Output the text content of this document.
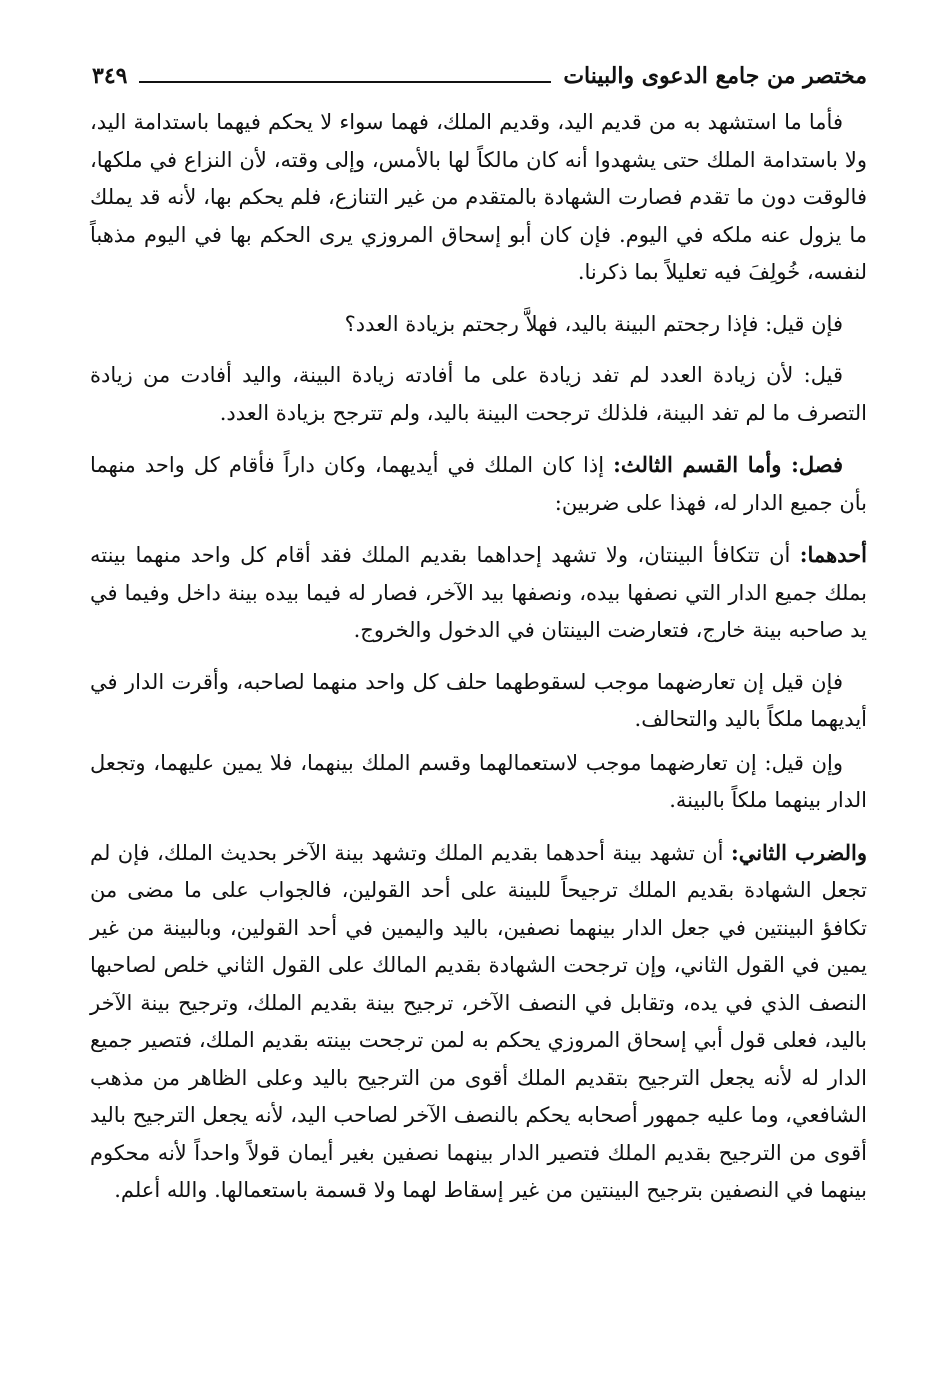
مختصر من جامع الدعوى والبينات
٣٤٩

فأما ما استشهد به من قديم اليد، وقديم الملك، فهما سواء لا يحكم فيهما باستدامة اليد، ولا باستدامة الملك حتى يشهدوا أنه كان مالكاً لها بالأمس، وإلى وقته، لأن النزاع في ملكها، فالوقت دون ما تقدم فصارت الشهادة بالمتقدم من غير التنازع، فلم يحكم بها، لأنه قد يملك ما يزول عنه ملكه في اليوم. فإن كان أبو إسحاق المروزي يرى الحكم بها في اليوم مذهباً لنفسه، خُولِفَ فيه تعليلاً بما ذكرنا.

فإن قيل: فإذا رجحتم البينة باليد، فهلاَّ رجحتم بزيادة العدد؟

قيل: لأن زيادة العدد لم تفد زيادة على ما أفادته زيادة البينة، واليد أفادت من زيادة التصرف ما لم تفد البينة، فلذلك ترجحت البينة باليد، ولم تترجح بزيادة العدد.

فصل: وأما القسم الثالث: إذا كان الملك في أيديهما، وكان داراً فأقام كل واحد منهما بأن جميع الدار له، فهذا على ضربين:

أحدهما: أن تتكافأ البينتان، ولا تشهد إحداهما بقديم الملك فقد أقام كل واحد منهما بينته بملك جميع الدار التي نصفها بيده، ونصفها بيد الآخر، فصار له فيما بيده بينة داخل وفيما في يد صاحبه بينة خارج، فتعارضت البينتان في الدخول والخروج.

فإن قيل إن تعارضهما موجب لسقوطهما حلف كل واحد منهما لصاحبه، وأقرت الدار في أيديهما ملكاً باليد والتحالف.

وإن قيل: إن تعارضهما موجب لاستعمالهما وقسم الملك بينهما، فلا يمين عليهما، وتجعل الدار بينهما ملكاً بالبينة.

والضرب الثاني: أن تشهد بينة أحدهما بقديم الملك وتشهد بينة الآخر بحديث الملك، فإن لم تجعل الشهادة بقديم الملك ترجيحاً للبينة على أحد القولين، فالجواب على ما مضى من تكافؤ البينتين في جعل الدار بينهما نصفين، باليد واليمين في أحد القولين، وبالبينة من غير يمين في القول الثاني، وإن ترجحت الشهادة بقديم المالك على القول الثاني خلص لصاحبها النصف الذي في يده، وتقابل في النصف الآخر، ترجيح بينة بقديم الملك، وترجيح بينة الآخر باليد، فعلى قول أبي إسحاق المروزي يحكم به لمن ترجحت بينته بقديم الملك، فتصير جميع الدار له لأنه يجعل الترجيح بتقديم الملك أقوى من الترجيح باليد وعلى الظاهر من مذهب الشافعي، وما عليه جمهور أصحابه يحكم بالنصف الآخر لصاحب اليد، لأنه يجعل الترجيح باليد أقوى من الترجيح بقديم الملك فتصير الدار بينهما نصفين بغير أيمان قولاً واحداً لأنه محكوم بينهما في النصفين بترجيح البينتين من غير إسقاط لهما ولا قسمة باستعمالها. والله أعلم.
